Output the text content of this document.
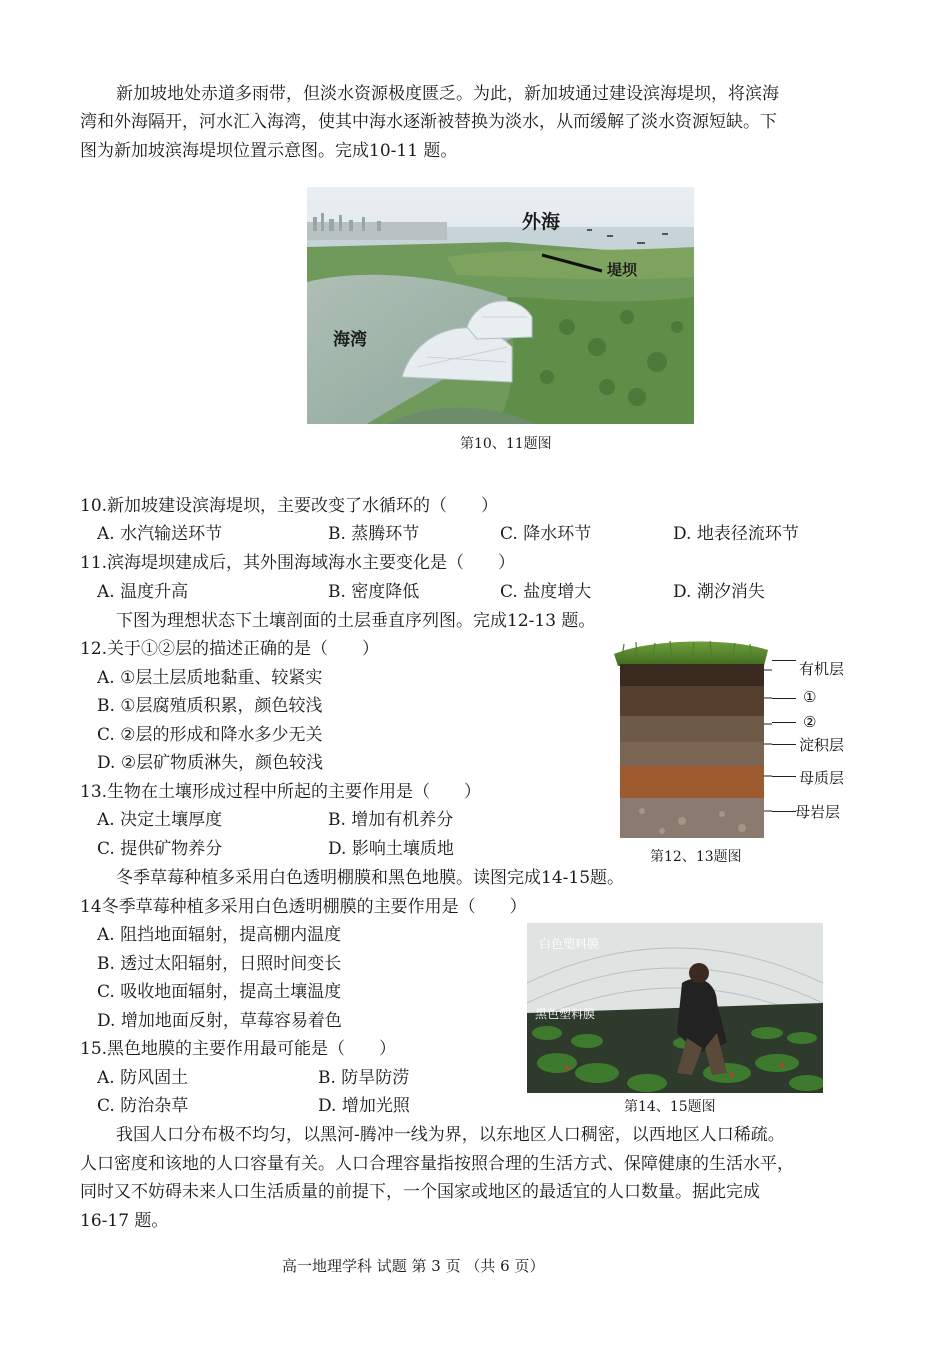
新加坡地处赤道多雨带，但淡水资源极度匮乏。为此，新加坡通过建设滨海堤坝，将滨海
湾和外海隔开，河水汇入海湾，使其中海水逐渐被替换为淡水，从而缓解了淡水资源短缺。下
图为新加坡滨海堤坝位置示意图。完成10-11 题。
外海
堤坝
海湾
第10、11题图
10.新加坡建设滨海堤坝，主要改变了水循环的（　　）
A. 水汽输送环节	B. 蒸腾环节	C. 降水环节	D. 地表径流环节
11.滨海堤坝建成后，其外围海域海水主要变化是（　　）
A. 温度升高	B. 密度降低	C. 盐度增大	D. 潮汐消失
下图为理想状态下土壤剖面的土层垂直序列图。完成12-13 题。
12.关于①②层的描述正确的是（　　）
A. ①层土层质地黏重、较紧实
B. ①层腐殖质积累，颜色较浅
C. ②层的形成和降水多少无关
D. ②层矿物质淋失，颜色较浅
13.生物在土壤形成过程中所起的主要作用是（　　）
A. 决定土壤厚度	B. 增加有机养分
C. 提供矿物养分	D. 影响土壤质地
有机层
①
②
淀积层
母质层
母岩层
第12、13题图
冬季草莓种植多采用白色透明棚膜和黑色地膜。读图完成14-15题。
14冬季草莓种植多采用白色透明棚膜的主要作用是（　　）
A. 阻挡地面辐射，提高棚内温度
B. 透过太阳辐射，日照时间变长
C. 吸收地面辐射，提高土壤温度
D. 增加地面反射，草莓容易着色
15.黑色地膜的主要作用最可能是（　　）
A. 防风固土	B. 防旱防涝
C. 防治杂草	D. 增加光照
白色塑料膜
黑色塑料膜
第14、15题图
我国人口分布极不均匀，以黑河-腾冲一线为界，以东地区人口稠密，以西地区人口稀疏。
人口密度和该地的人口容量有关。人口合理容量指按照合理的生活方式、保障健康的生活水平，
同时又不妨碍未来人口生活质量的前提下，一个国家或地区的最适宜的人口数量。据此完成
16-17 题。
高一地理学科 试题 第 3 页 （共 6 页）
